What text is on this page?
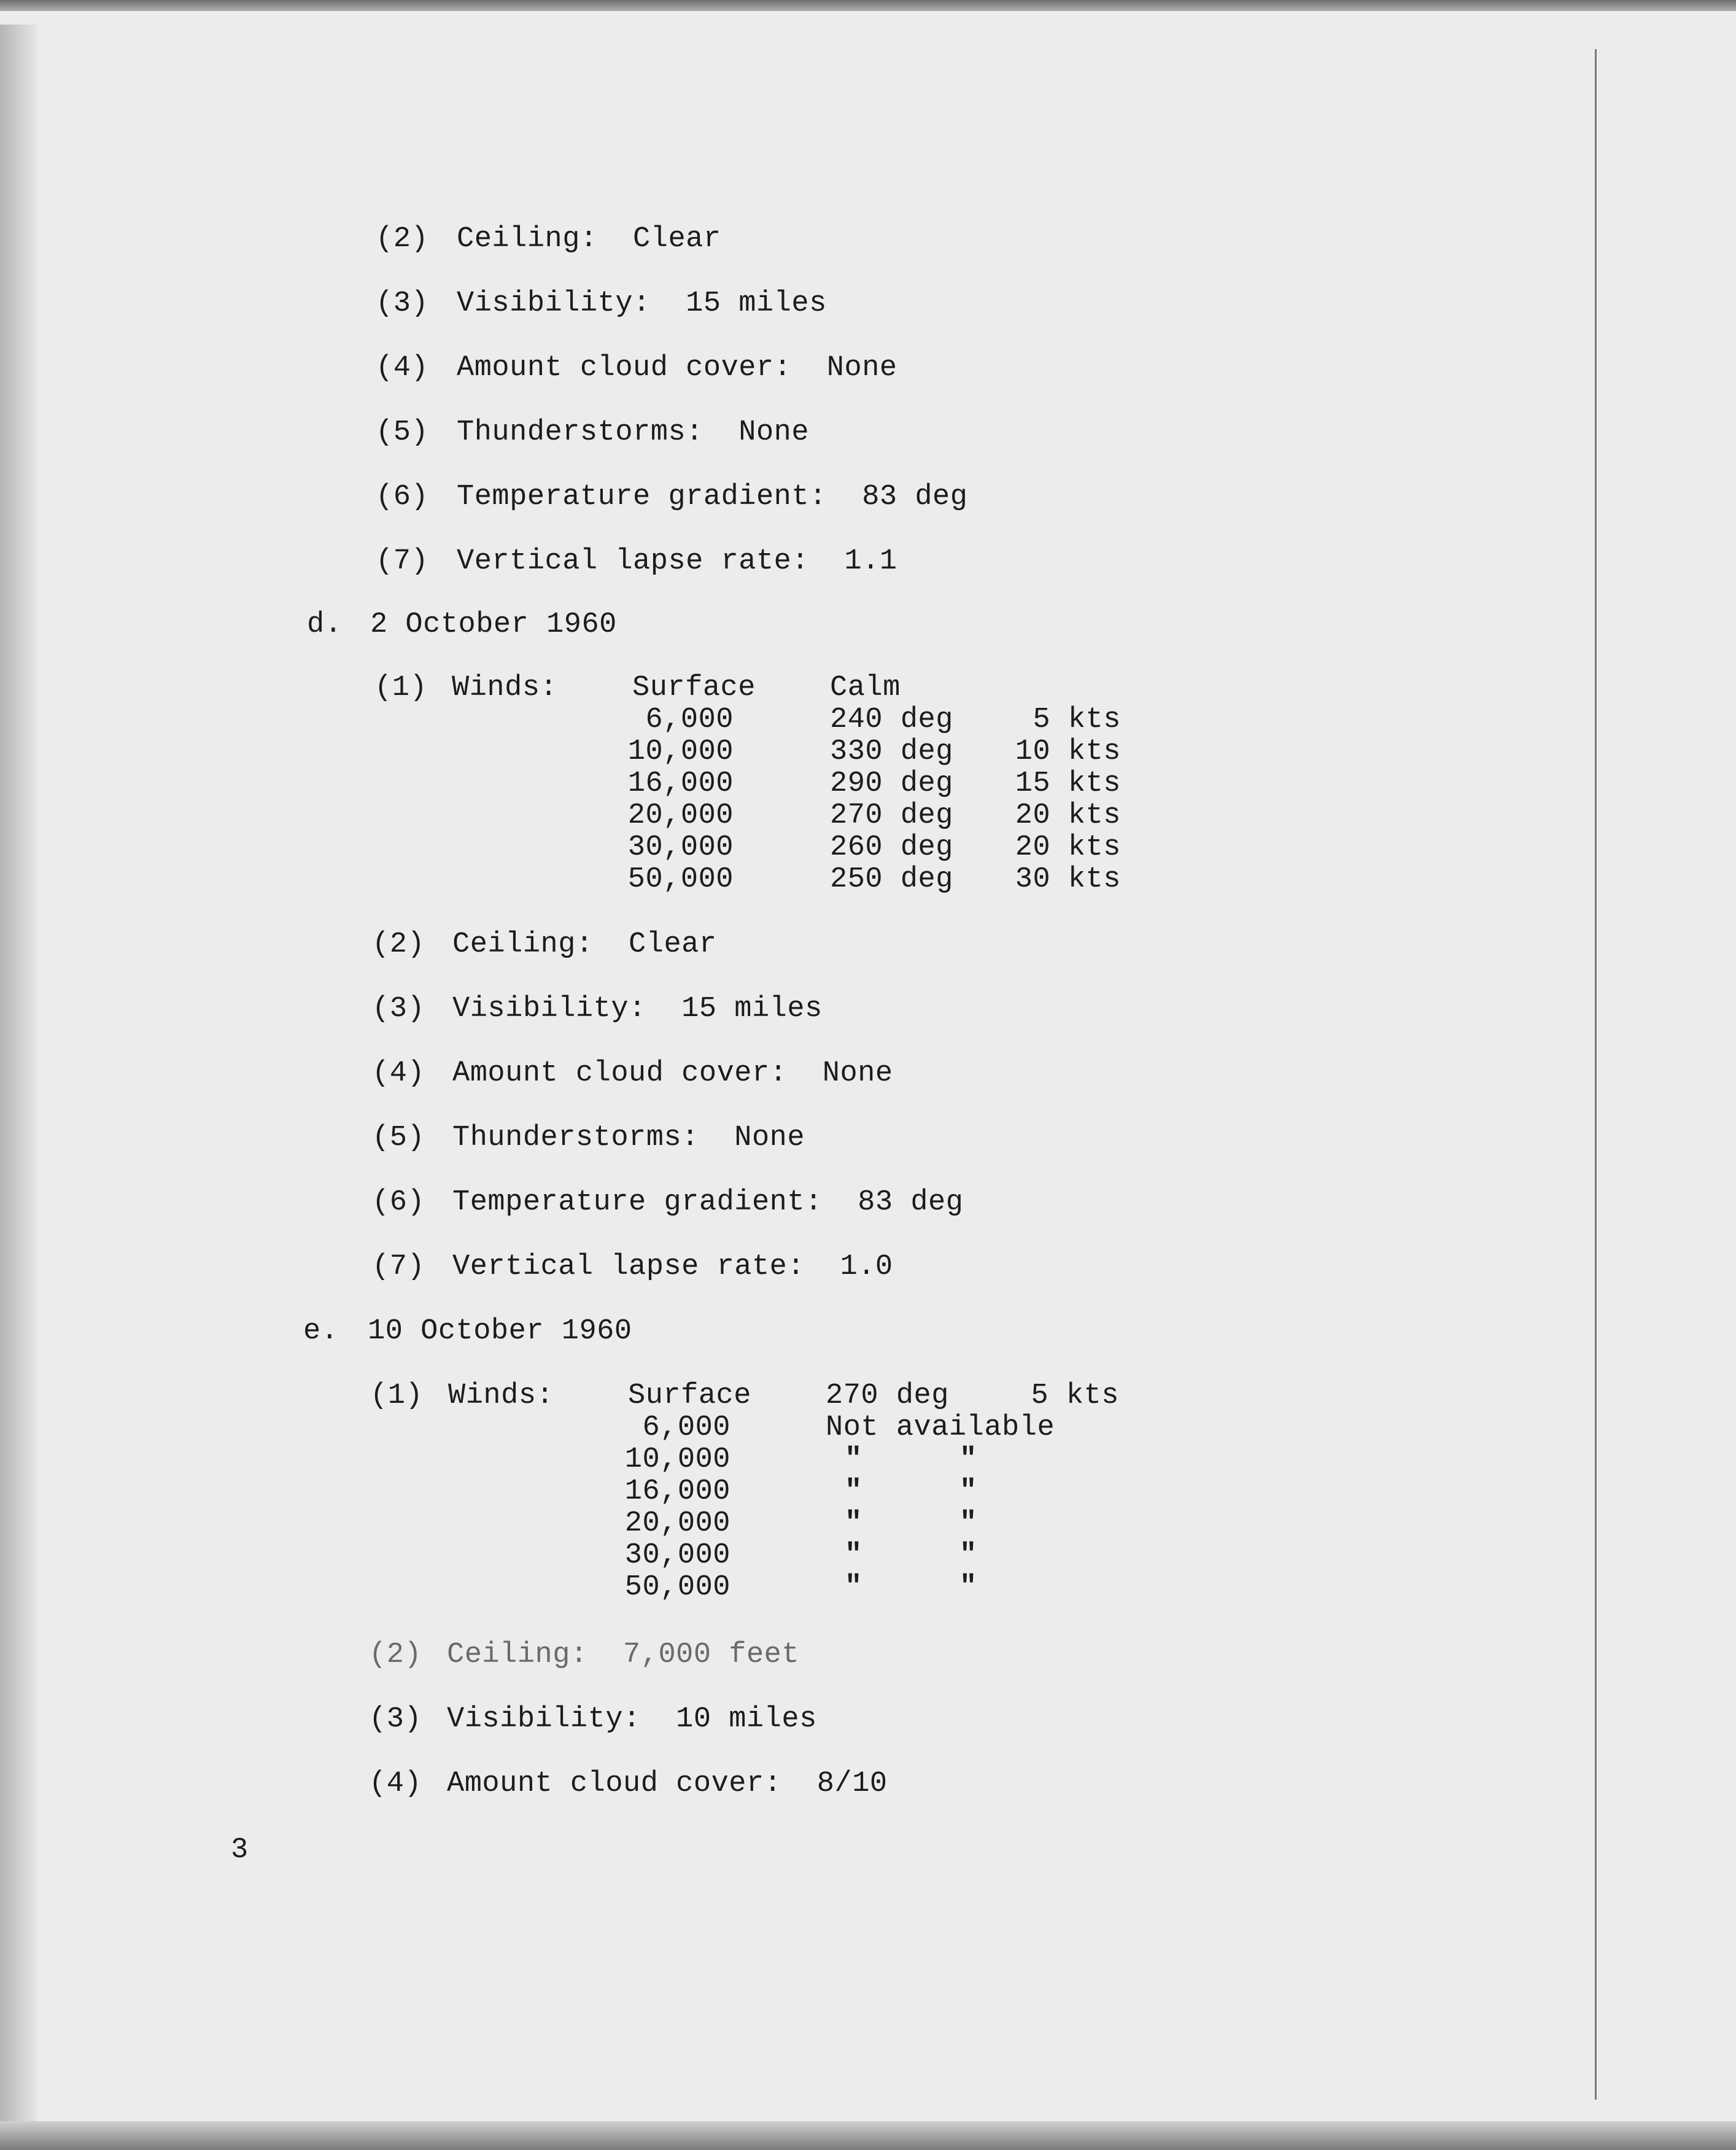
(2) Ceiling:  Clear
(3) Visibility:  15 miles
(4) Amount cloud cover:  None
(5) Thunderstorms:  None
(6) Temperature gradient:  83 deg
(7) Vertical lapse rate:  1.1
d. 2 October 1960
(1) Winds:	Surface	Calm
6,000	240 deg	5 kts
10,000	330 deg 10 kts
16,000	290 deg 15 kts
20,000	270 deg 20 kts
30,000	260 deg 20 kts
50,000	250 deg 30 kts
(2) Ceiling:  Clear
(3) Visibility:  15 miles
(4) Amount cloud cover:  None
(5) Thunderstorms:  None
(6) Temperature gradient:  83 deg
(7) Vertical lapse rate:  1.0
e. 10 October 1960
(1) Winds:	Surface	270 deg	5 kts
6,000	Not available
10,000	"	"
16,000	"	"
20,000	"	"
30,000	"	"
50,000	"	"
(2) Ceiling:  7,000 feet
(3) Visibility:  10 miles
(4) Amount cloud cover:  8/10
3
